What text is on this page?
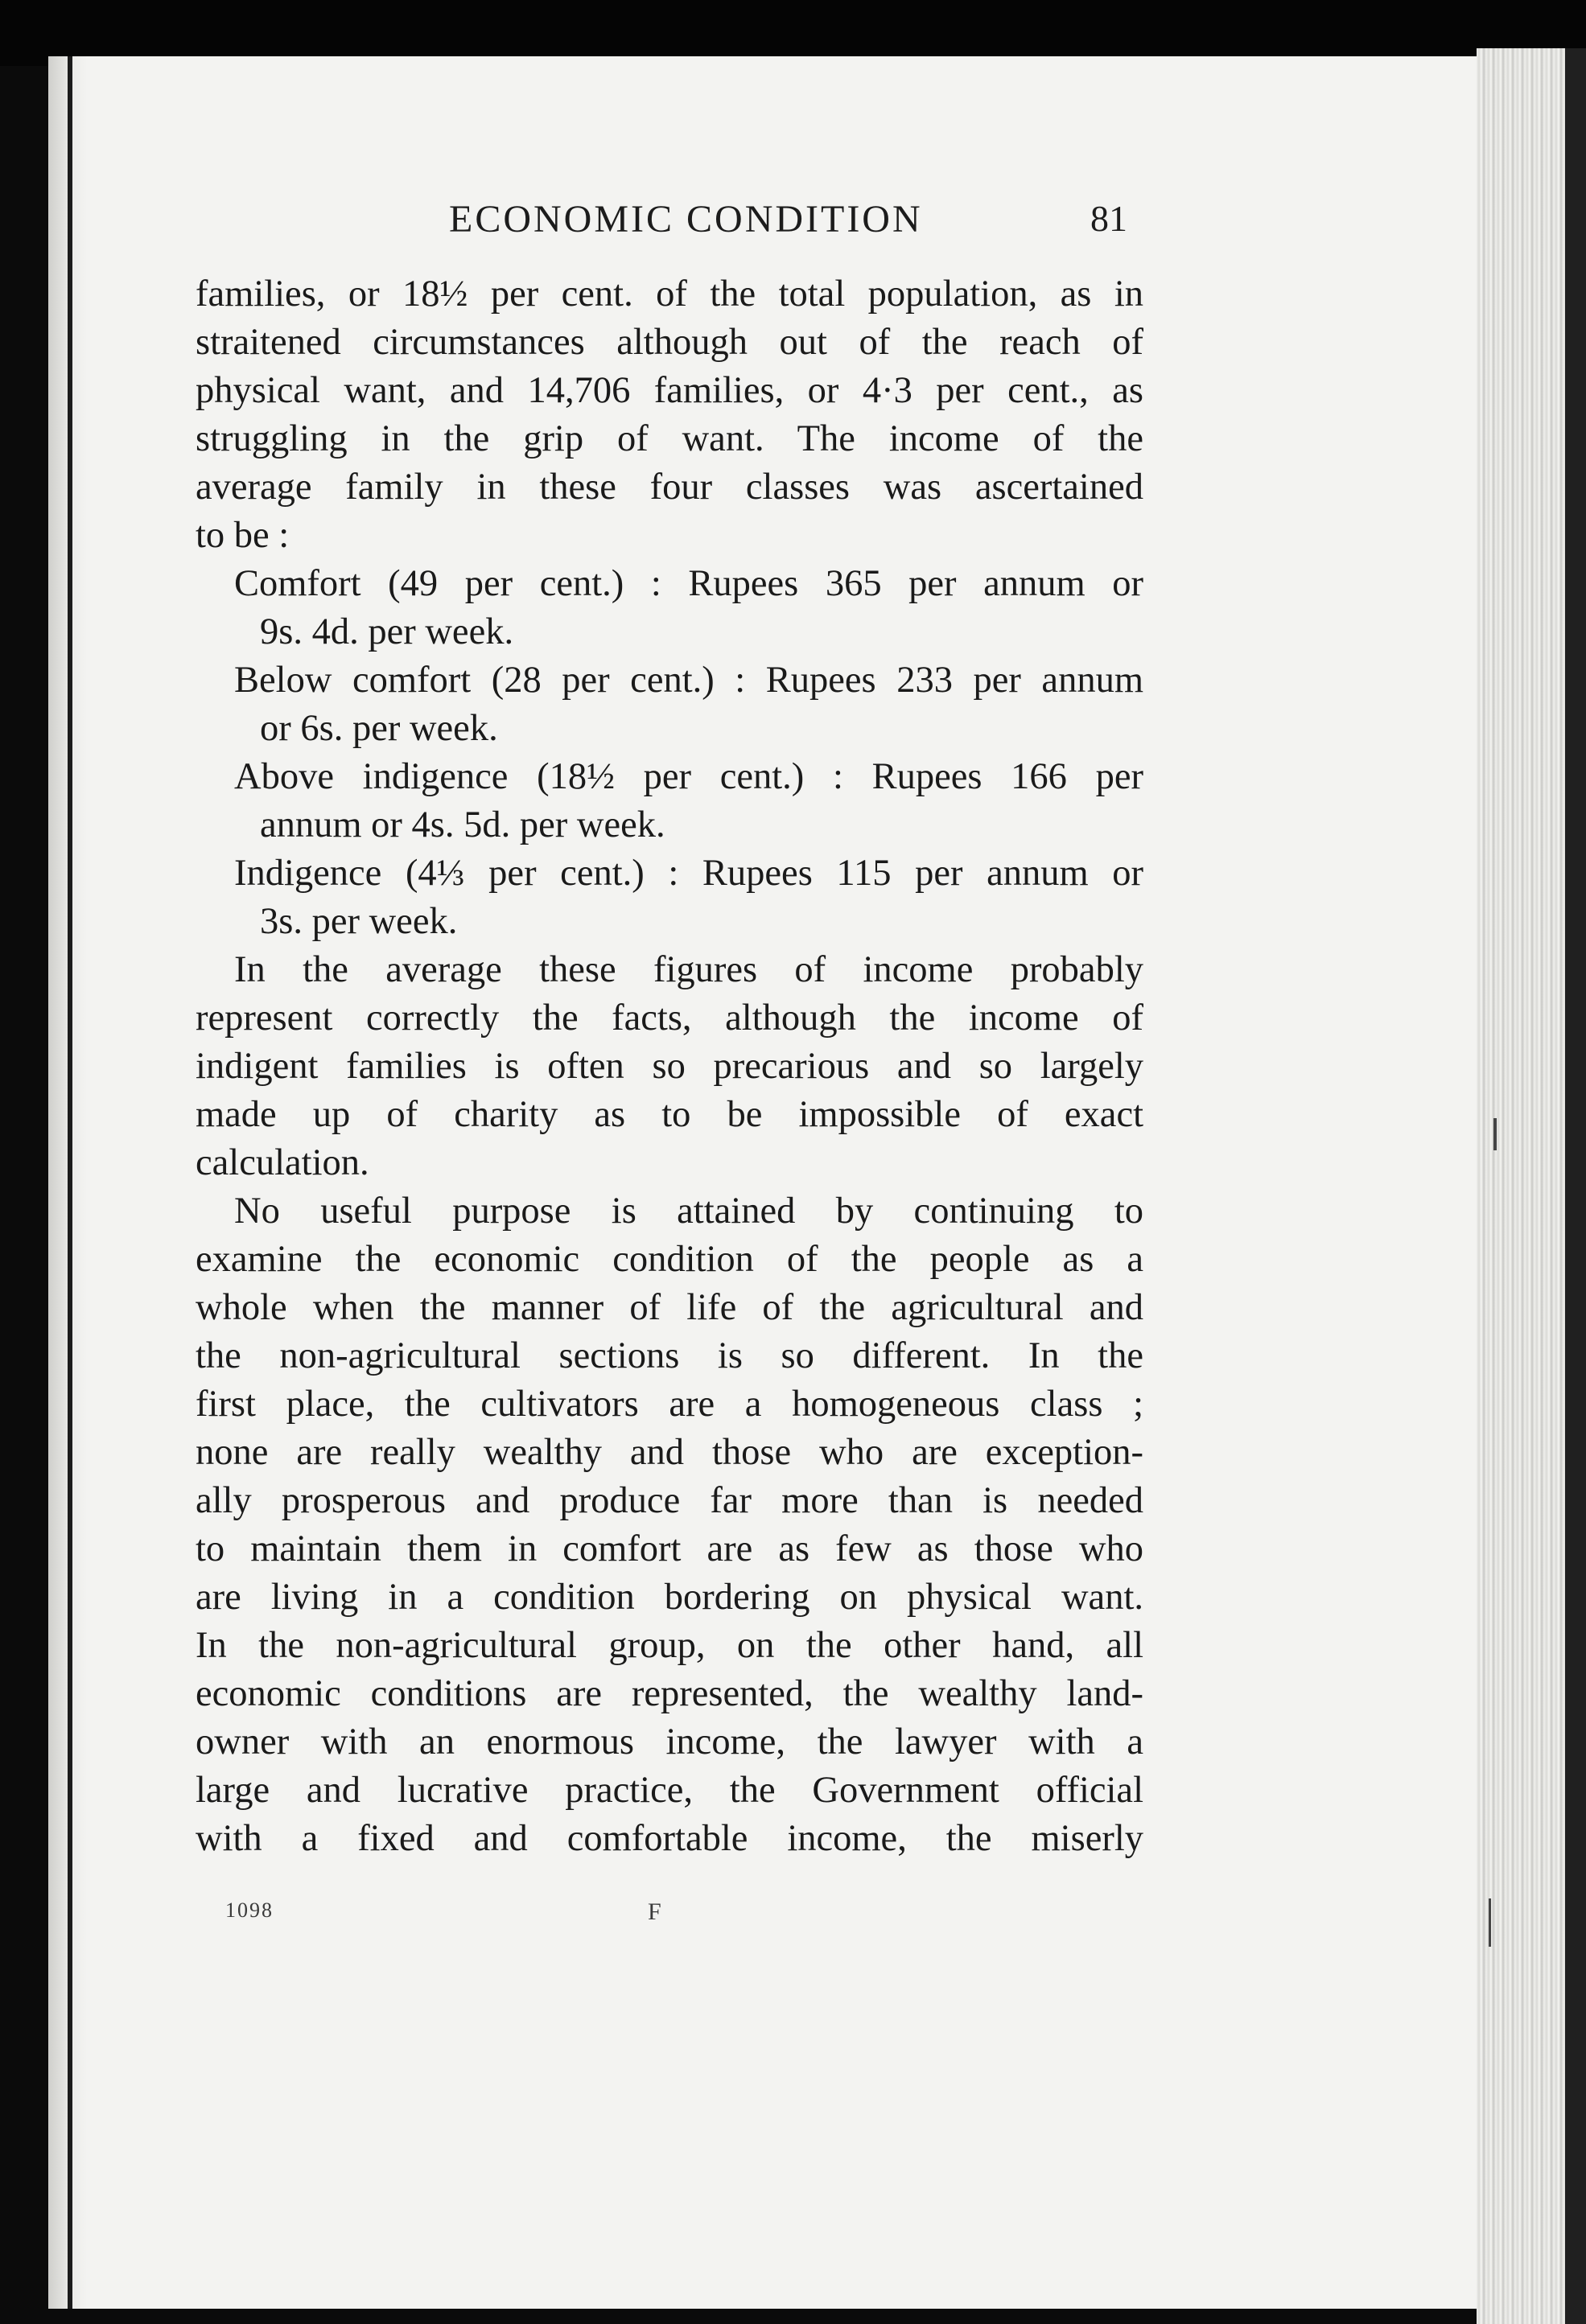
ECONOMIC CONDITION	81
families, or 18½ per cent. of the total population, as in
straitened circumstances although out of the reach of
physical want, and 14,706 families, or 4·3 per cent., as
struggling in the grip of want. The income of the
average family in these four classes was ascertained
to be :
Comfort (49 per cent.) : Rupees 365 per annum or
9s. 4d. per week.
Below comfort (28 per cent.) : Rupees 233 per annum
or 6s. per week.
Above indigence (18½ per cent.) : Rupees 166 per
annum or 4s. 5d. per week.
Indigence (4⅓ per cent.) : Rupees 115 per annum or
3s. per week.
In the average these figures of income probably
represent correctly the facts, although the income of
indigent families is often so precarious and so largely
made up of charity as to be impossible of exact
calculation.
No useful purpose is attained by continuing to
examine the economic condition of the people as a
whole when the manner of life of the agricultural and
the non-agricultural sections is so different. In the
first place, the cultivators are a homogeneous class ;
none are really wealthy and those who are exception-
ally prosperous and produce far more than is needed
to maintain them in comfort are as few as those who
are living in a condition bordering on physical want.
In the non-agricultural group, on the other hand, all
economic conditions are represented, the wealthy land-
owner with an enormous income, the lawyer with a
large and lucrative practice, the Government official
with a fixed and comfortable income, the miserly
1098	F
